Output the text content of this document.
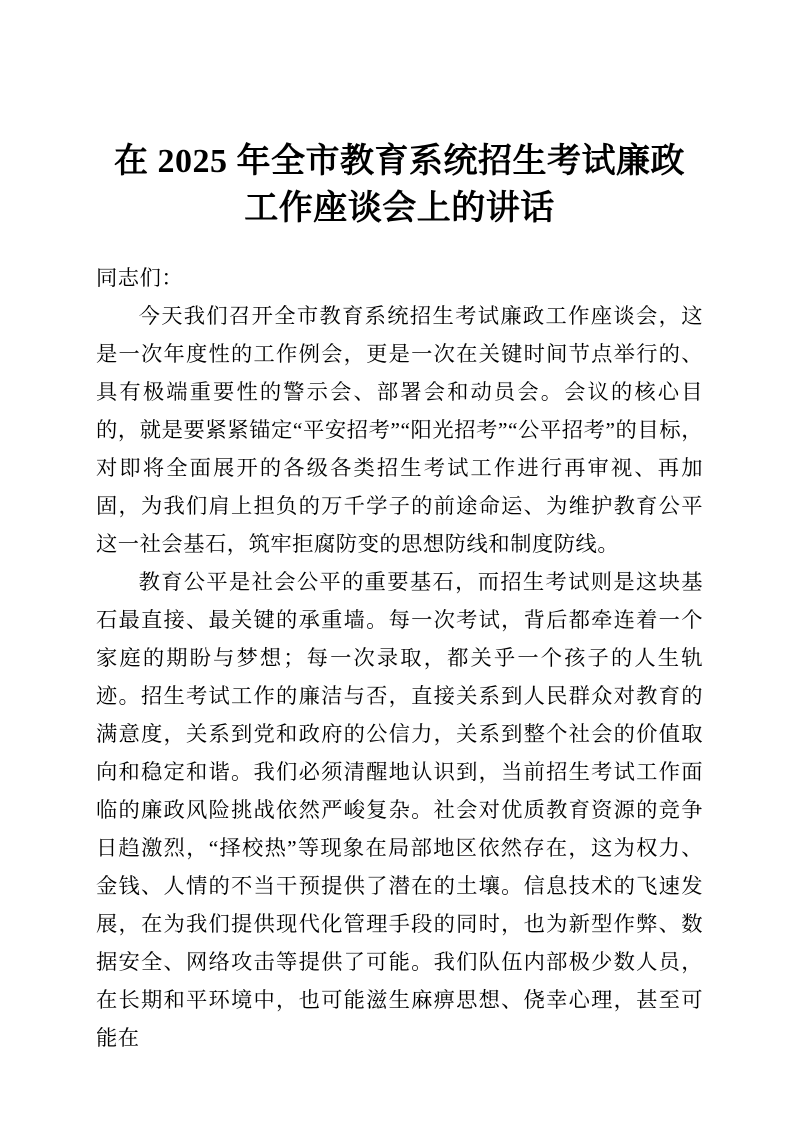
在 2025 年全市教育系统招生考试廉政工作座谈会上的讲话

同志们：

今天我们召开全市教育系统招生考试廉政工作座谈会，这是一次年度性的工作例会，更是一次在关键时间节点举行的、具有极端重要性的警示会、部署会和动员会。会议的核心目的，就是要紧紧锚定“平安招考”“阳光招考”“公平招考”的目标，对即将全面展开的各级各类招生考试工作进行再审视、再加固，为我们肩上担负的万千学子的前途命运、为维护教育公平这一社会基石，筑牢拒腐防变的思想防线和制度防线。

教育公平是社会公平的重要基石，而招生考试则是这块基石最直接、最关键的承重墙。每一次考试，背后都牵连着一个家庭的期盼与梦想；每一次录取，都关乎一个孩子的人生轨迹。招生考试工作的廉洁与否，直接关系到人民群众对教育的满意度，关系到党和政府的公信力，关系到整个社会的价值取向和稳定和谐。我们必须清醒地认识到，当前招生考试工作面临的廉政风险挑战依然严峻复杂。社会对优质教育资源的竞争日趋激烈，“择校热”等现象在局部地区依然存在，这为权力、金钱、人情的不当干预提供了潜在的土壤。信息技术的飞速发展，在为我们提供现代化管理手段的同时，也为新型作弊、数据安全、网络攻击等提供了可能。我们队伍内部极少数人员，在长期和平环境中，也可能滋生麻痹思想、侥幸心理，甚至可能在
